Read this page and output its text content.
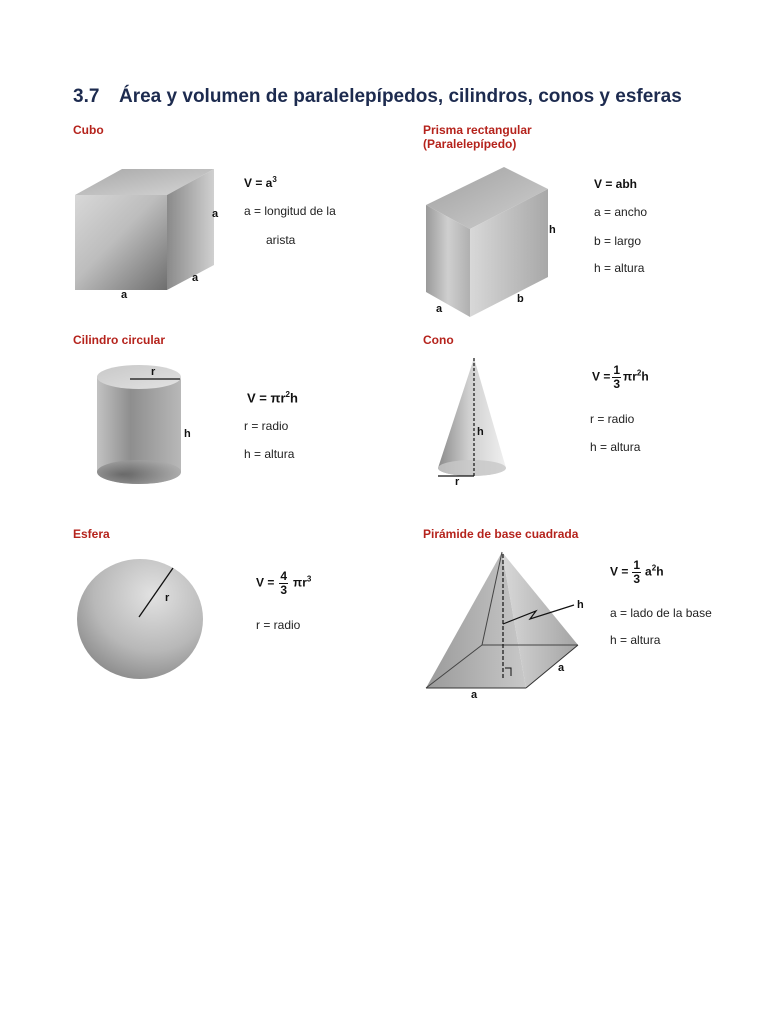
3.7 Área y volumen de paralelepípedos, cilindros, conos y esferas
Cubo
a
a
a
$V = a^3$
a = longitud de la
arista
Prisma rectangular
(Paralelepípedo)
h
b
a
V = abh
a = ancho
b = largo
h = altura
Cilindro circular
r
h
$V = \pi r^2h$
r = radio
h = altura
Cono
h
r
$V = \frac{1}{3} \pi r^2h$
r = radio
h = altura
Esfera
r
$V = \frac{4}{3} \pi r^3$
r = radio
Pirámide de base cuadrada
h
a
a
$V = \frac{1}{3} a^2h$
a = lado de la base
h = altura
